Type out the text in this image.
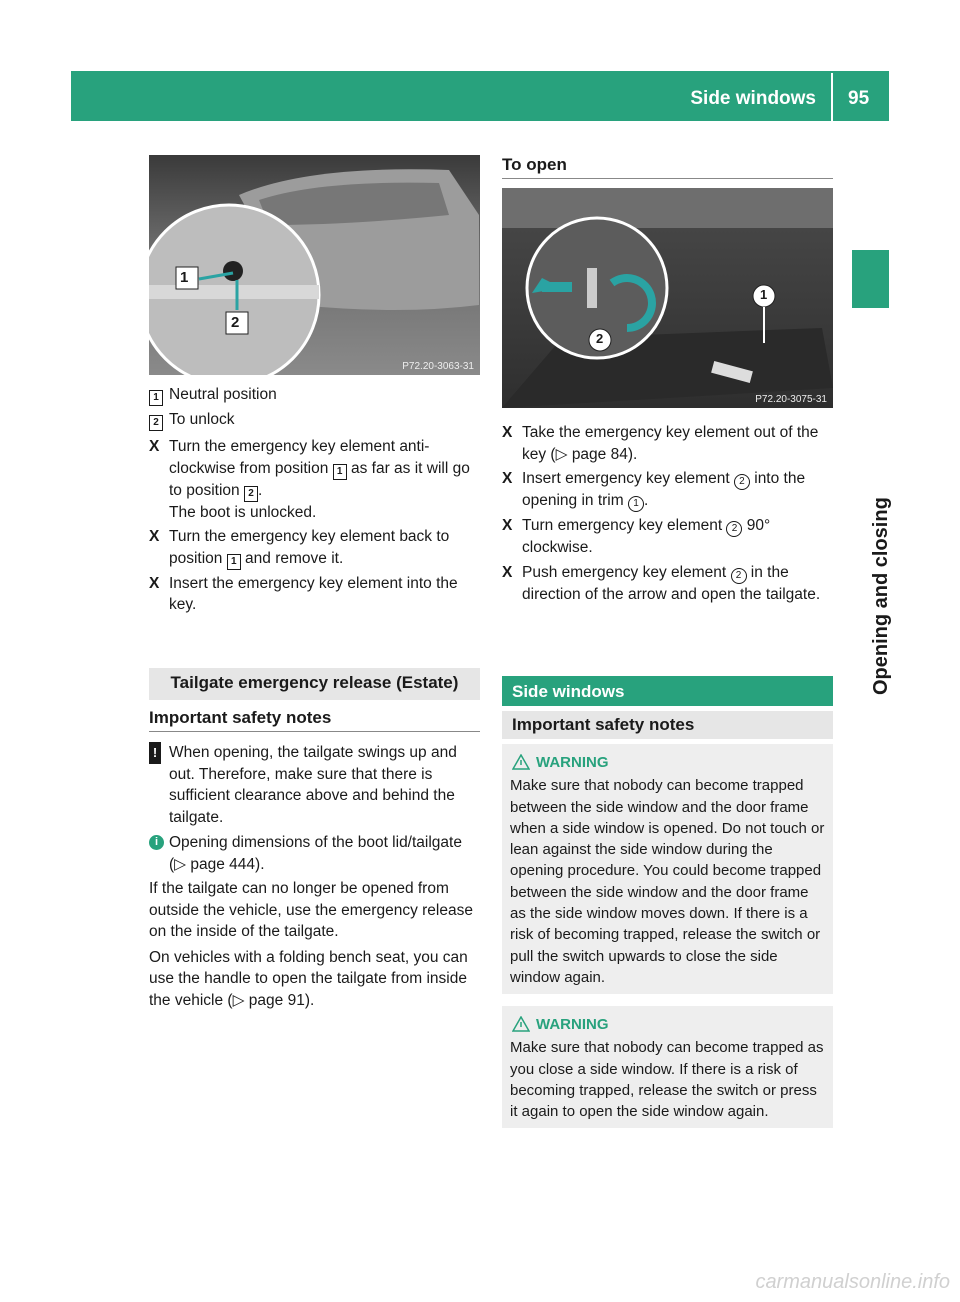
Side windows 95
Opening and closing
1
2
P72.20-3063-31
1 Neutral position
2 To unlock
X Turn the emergency key element anti-clockwise from position 1 as far as it will go to position 2 .
The boot is unlocked.
X Turn the emergency key element back to position 1 and remove it.
X Insert the emergency key element into the key.
Tailgate emergency release (Estate)
Important safety notes
! When opening, the tailgate swings up and out. Therefore, make sure that there is sufficient clearance above and behind the tailgate.
i Opening dimensions of the boot lid/tailgate (▷ page 444).

If the tailgate can no longer be opened from outside the vehicle, use the emergency release on the inside of the tailgate.

On vehicles with a folding bench seat, you can use the handle to open the tailgate from inside the vehicle (▷ page 91).

To open
1
2
P72.20-3075-31
X Take the emergency key element out of the key (▷ page 84).
X Insert emergency key element 2 into the opening in trim 1 .
X Turn emergency key element 2 90° clockwise.
X Push emergency key element 2 in the direction of the arrow and open the tailgate.
Side windows
Important safety notes
WARNING
Make sure that nobody can become trapped between the side window and the door frame when a side window is opened. Do not touch or lean against the side window during the opening procedure. You could become trapped between the side window and the door frame as the side window moves down. If there is a risk of becoming trapped, release the switch or pull the switch upwards to close the side window again.
WARNING
Make sure that nobody can become trapped as you close a side window. If there is a risk of becoming trapped, release the switch or press it again to open the side window again.
carmanualsonline.info
